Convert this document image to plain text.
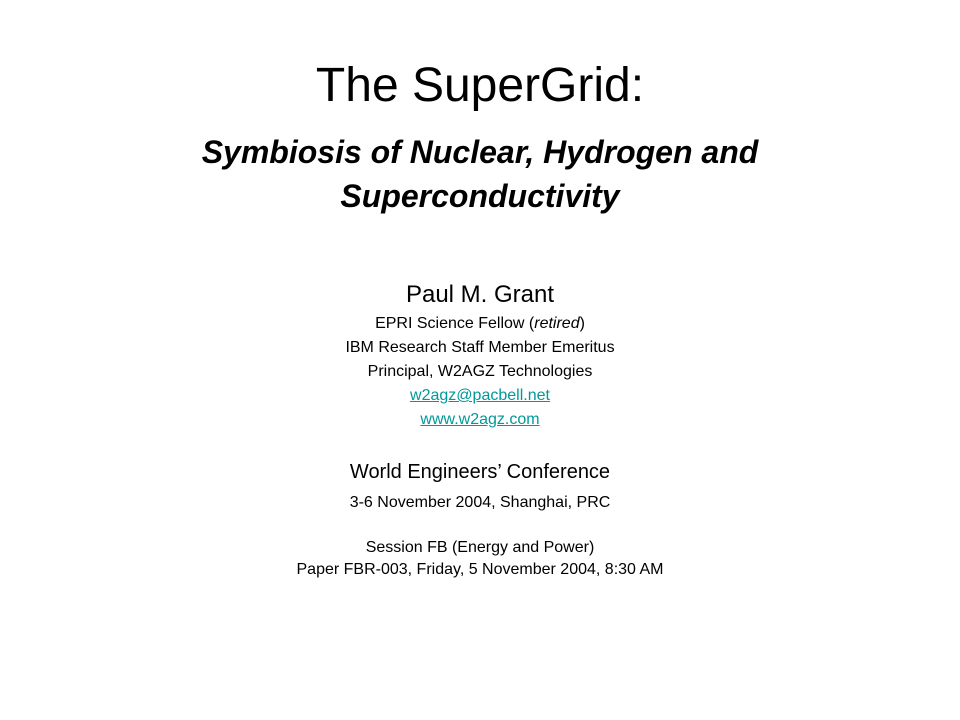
The SuperGrid:
Symbiosis of Nuclear, Hydrogen and Superconductivity
Paul M. Grant
EPRI Science Fellow (retired)
IBM Research Staff Member Emeritus
Principal, W2AGZ Technologies
w2agz@pacbell.net
www.w2agz.com
World Engineers’ Conference
3-6 November 2004, Shanghai, PRC
Session FB (Energy and Power)
Paper FBR-003, Friday, 5 November 2004, 8:30 AM
